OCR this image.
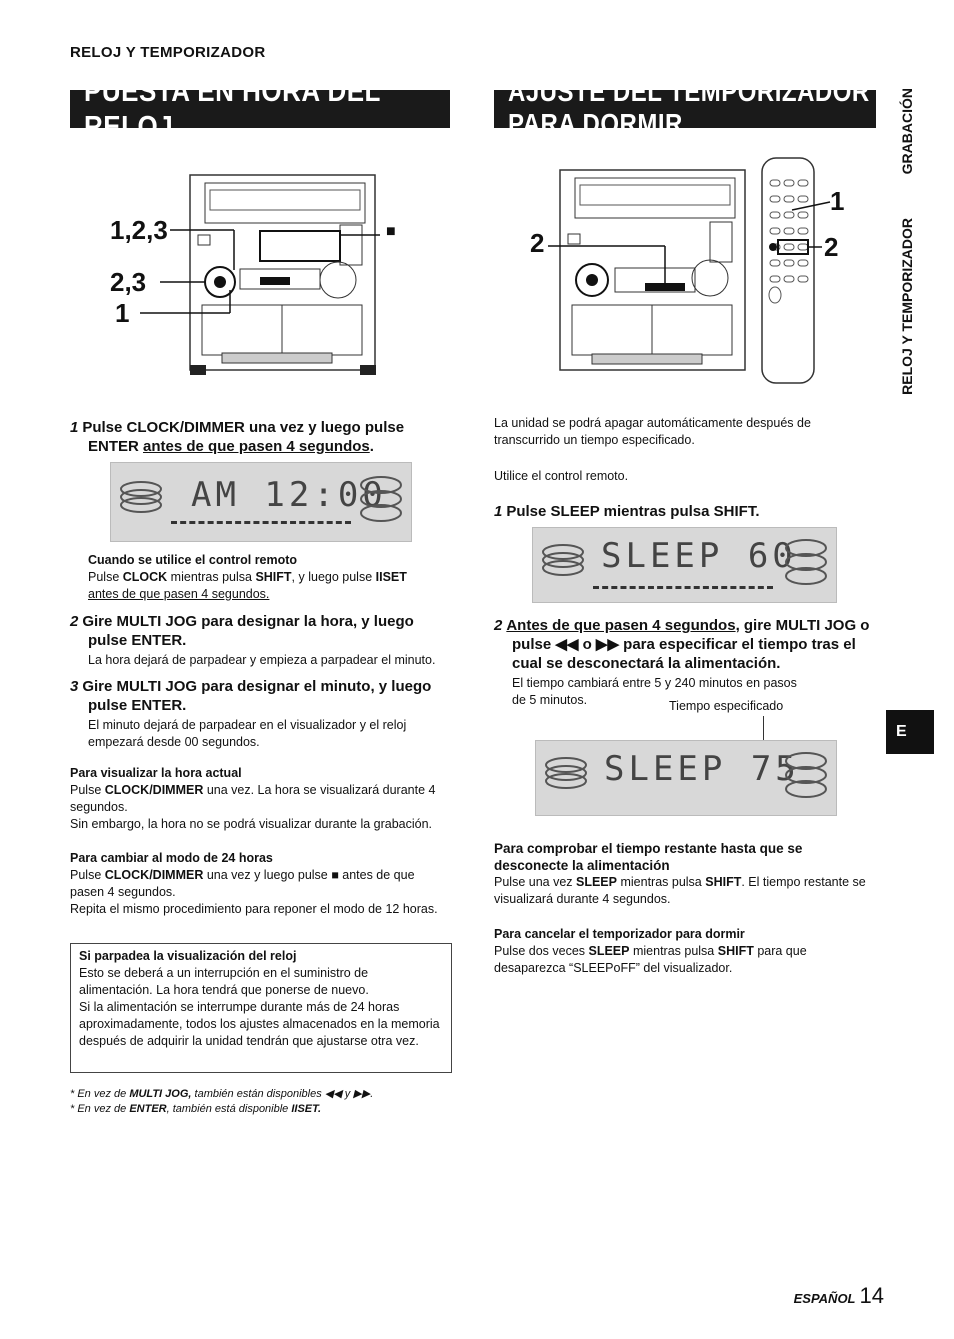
RELOJ Y TEMPORIZADOR
PUESTA EN HORA DEL RELOJ
AJUSTE DEL TEMPORIZADOR PARA DORMIR	GRABACIÓN
RELOJ Y TEMPORIZADOR
E
1,2,3
2,3
1
■
1 Pulse CLOCK/DIMMER una vez y luego pulse
ENTER antes de que pasen 4 segundos.
AM 12:00
Cuando se utilice el control remoto
Pulse CLOCK mientras pulsa SHIFT, y luego pulse IISET
antes de que pasen 4 segundos.
2 Gire MULTI JOG para designar la hora, y luego pulse ENTER.
La hora dejará de parpadear y empieza a parpadear el minuto.
3 Gire MULTI JOG para designar el minuto, y luego pulse ENTER.
El minuto dejará de parpadear en el visualizador y el reloj empezará desde 00 segundos.
Para visualizar la hora actual
Pulse CLOCK/DIMMER una vez. La hora se visualizará durante 4 segundos.
Sin embargo, la hora no se podrá visualizar durante la grabación.
Para cambiar al modo de 24 horas
Pulse CLOCK/DIMMER una vez y luego pulse ■ antes de que pasen 4 segundos.
Repita el mismo procedimiento para reponer el modo de 12 horas.
Si parpadea la visualización del reloj
Esto se deberá a un interrupción en el suministro de alimentación. La hora tendrá que ponerse de nuevo.
Si la alimentación se interrumpe durante más de 24 horas aproximadamente, todos los ajustes almacenados en la memoria después de adquirir la unidad tendrán que ajustarse otra vez.
* En vez de MULTI JOG, también están disponibles ◀◀ y ▶▶.
* En vez de ENTER, también está disponible IISET.
2
1
2
La unidad se podrá apagar automáticamente después de transcurrido un tiempo especificado.
Utilice el control remoto.
1 Pulse SLEEP mientras pulsa SHIFT.
SLEEP 60
2 Antes de que pasen 4 segundos, gire MULTI JOG o pulse ◀◀ o ▶▶ para especificar el tiempo tras el cual se desconectará la alimentación.
El tiempo cambiará entre 5 y 240 minutos en pasos de 5 minutos.	Tiempo especificado
SLEEP 75
Para comprobar el tiempo restante hasta que se desconecte la alimentación
Pulse una vez SLEEP mientras pulsa SHIFT. El tiempo restante se visualizará durante 4 segundos.
Para cancelar el temporizador para dormir
Pulse dos veces SLEEP mientras pulsa SHIFT para que desaparezca “SLEEPoFF” del visualizador.
ESPAÑOL 14
